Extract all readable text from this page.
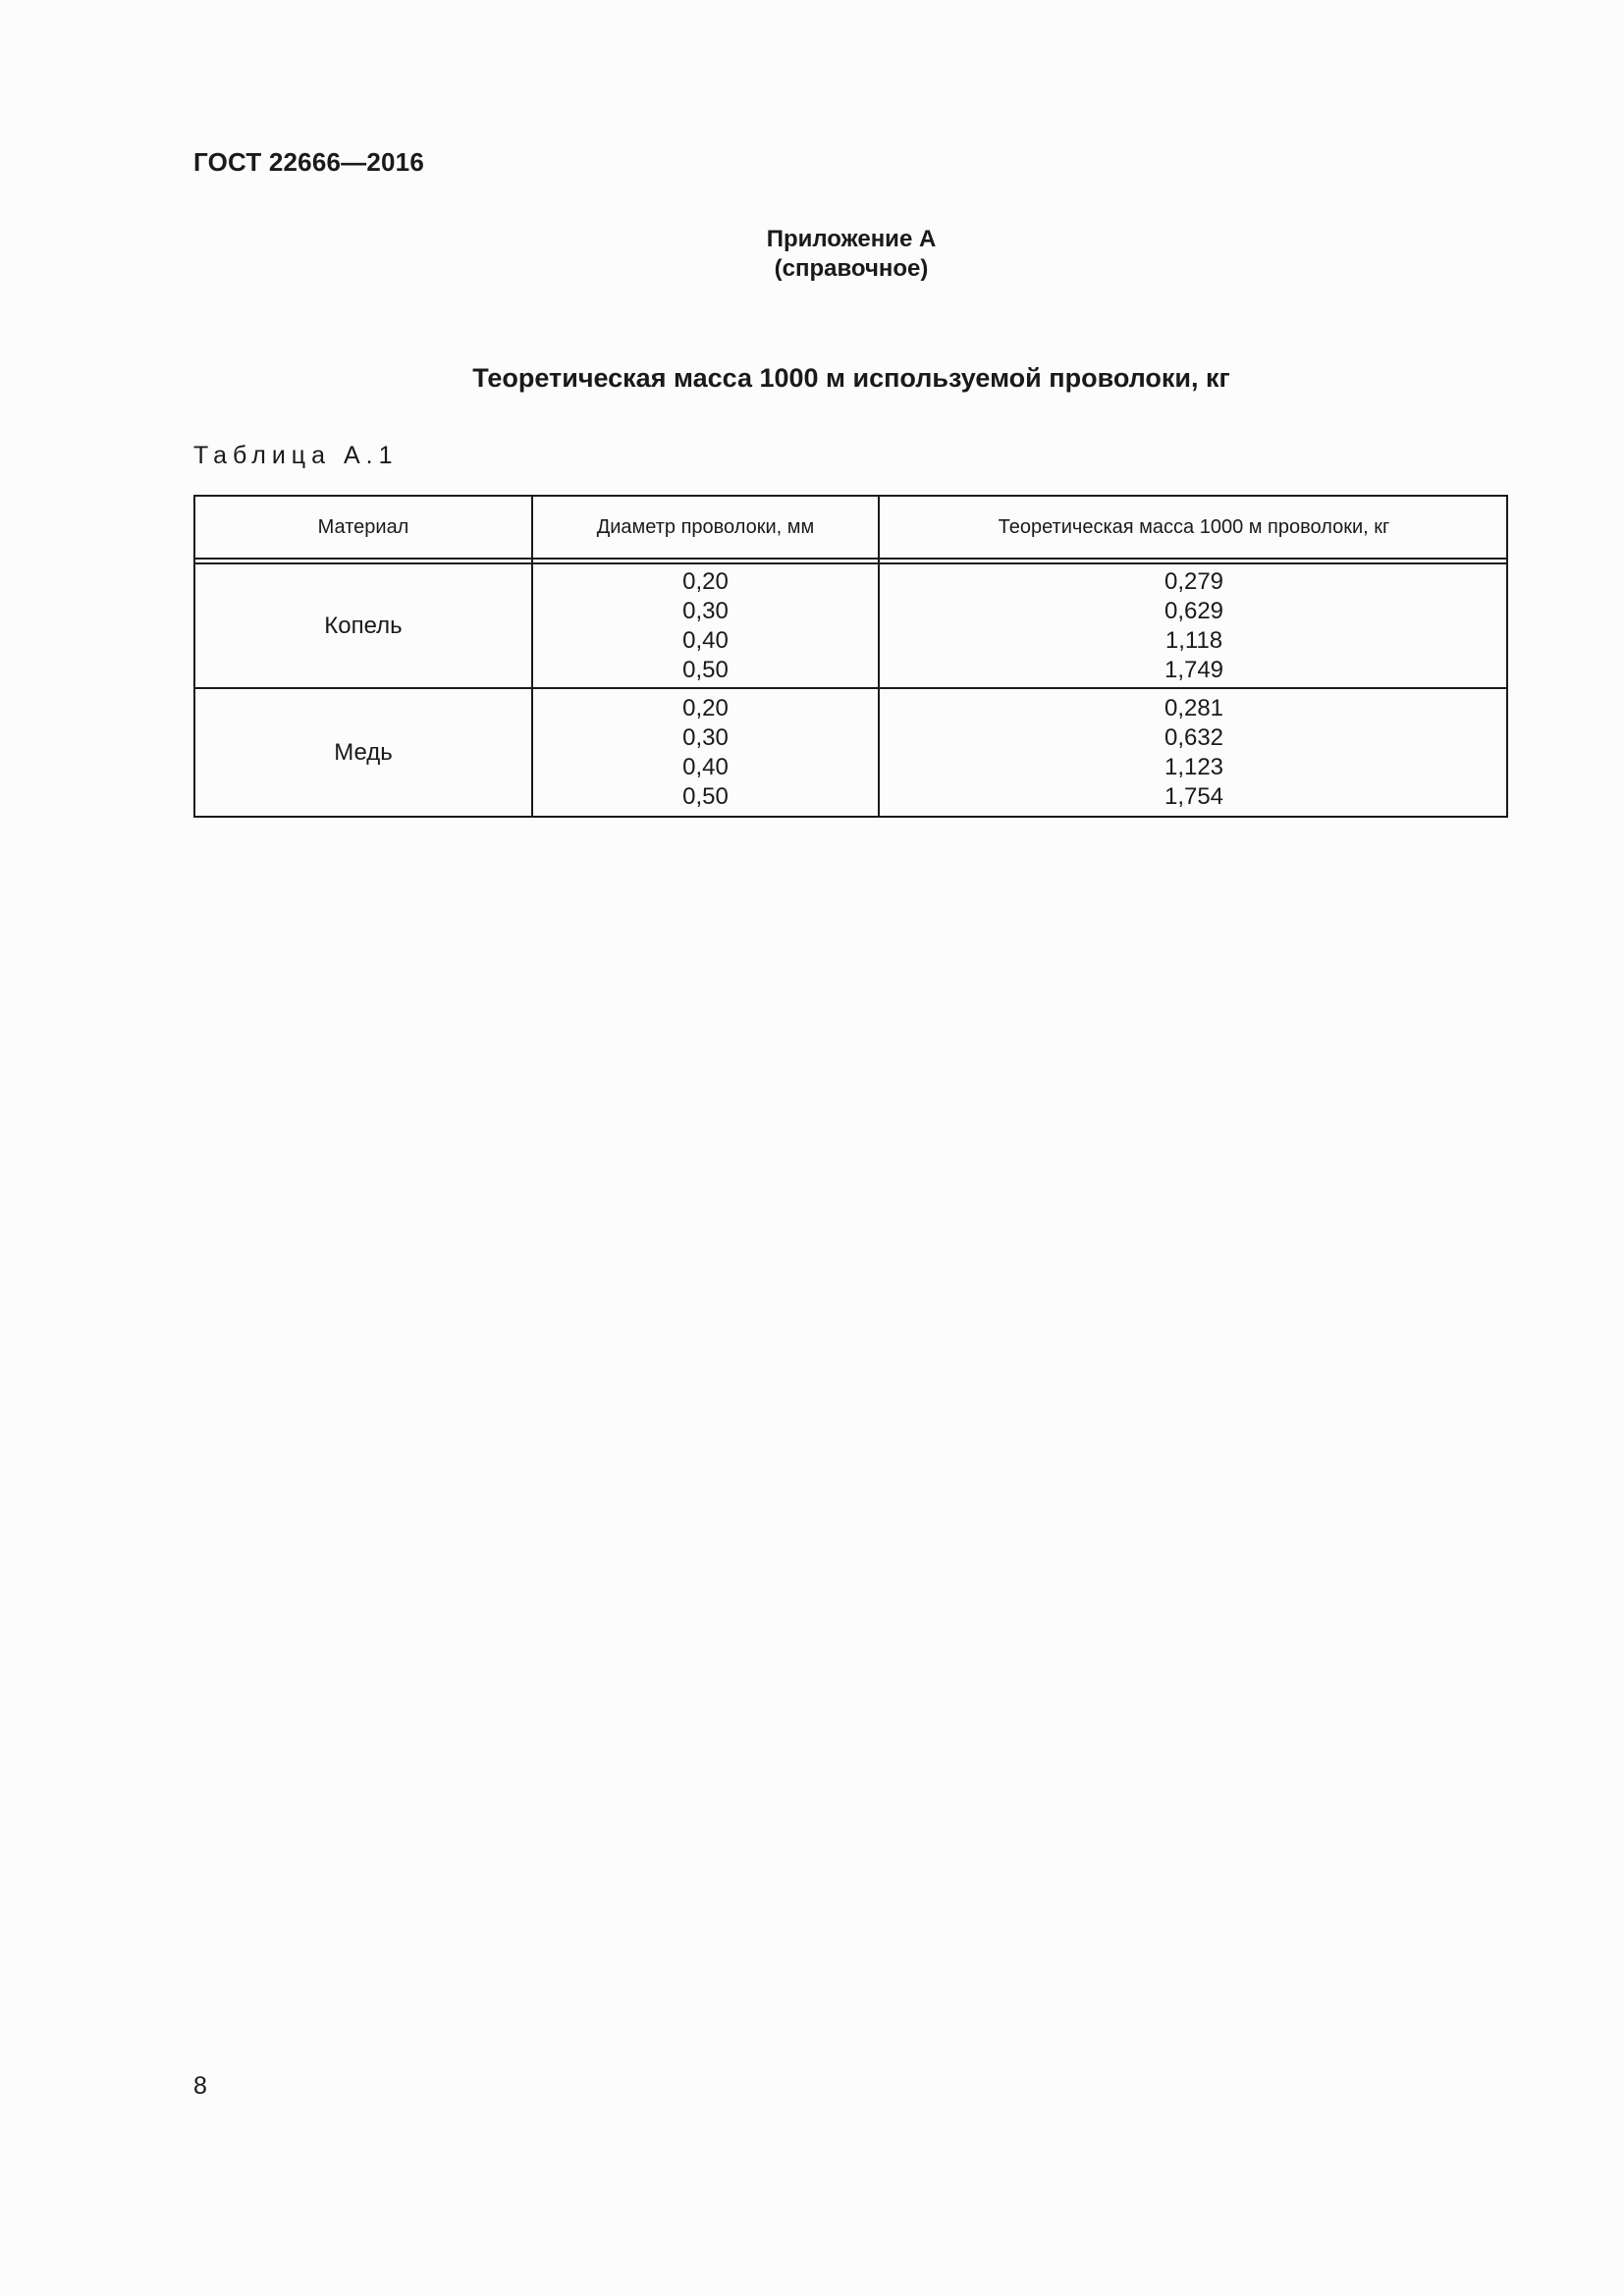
ГОСТ 22666—2016
Приложение А
(справочное)
Теоретическая масса 1000 м используемой проволоки, кг
Таблица А.1
Материал	Диаметр проволоки, мм	Теоретическая масса 1000 м проволоки, кг
Копель
0,20
0,30
0,40
0,50
0,279
0,629
1,118
1,749
Медь
0,20
0,30
0,40
0,50
0,281
0,632
1,123
1,754
8
